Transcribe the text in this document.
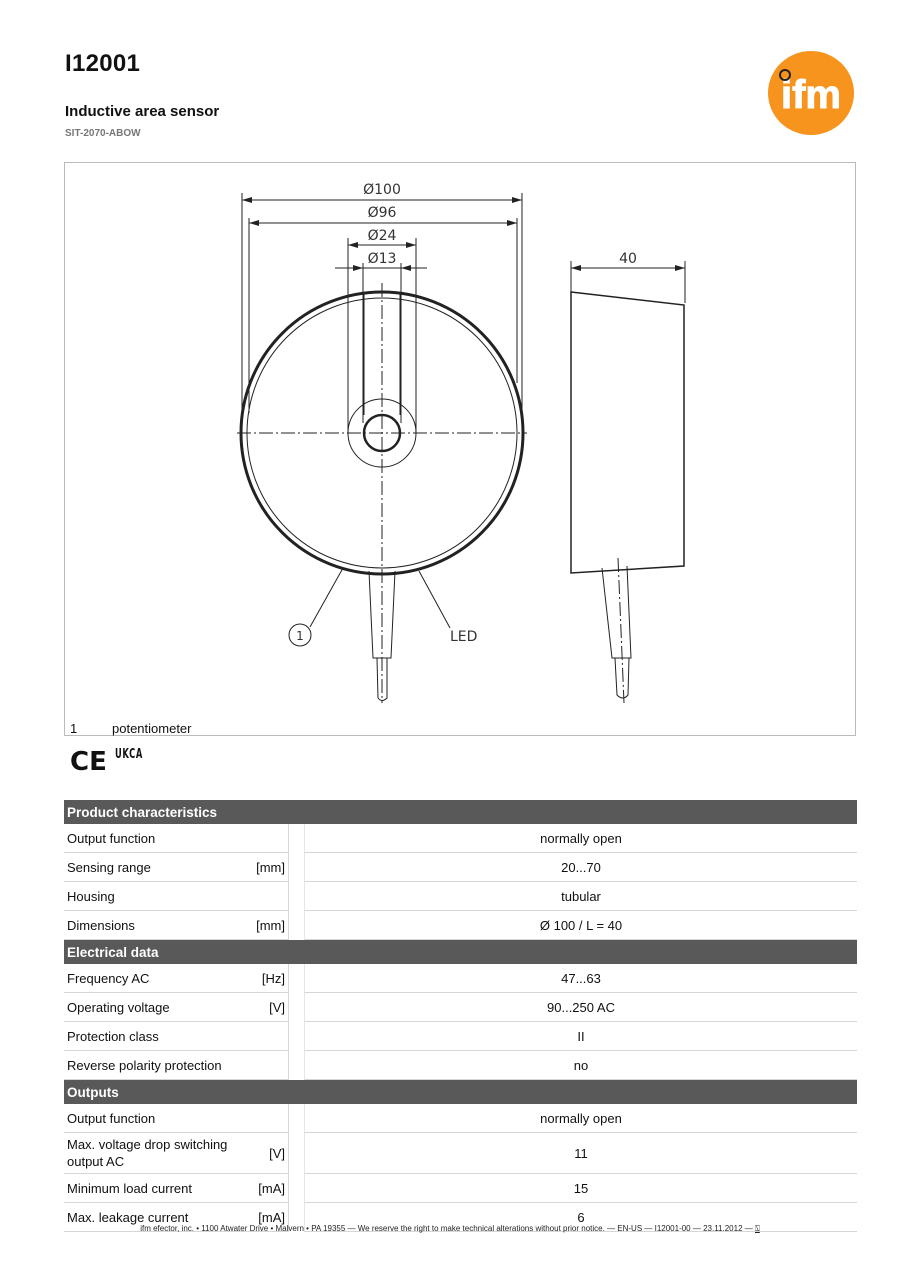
I12001
Inductive area sensor
SIT-2070-ABOW
ifm
Ø100
Ø96
Ø24
Ø13	40
1	LED
1	potentiometer
CE UKCA
Product characteristics			
Output function			normally open
Sensing range	[mm]		20...70
Housing			tubular
Dimensions	[mm]		Ø 100 / L = 40
Electrical data			
Frequency AC	[Hz]		47...63
Operating voltage	[V]		90...250 AC
Protection class			II
Reverse polarity protection			no
Outputs			
Output function			normally open
Max. voltage drop switching output AC	[V]		11
Minimum load current	[mA]		15
Max. leakage current	[mA]		6
ifm efector, inc. • 1100 Atwater Drive • Malvern • PA 19355 — We reserve the right to make technical alterations without prior notice. — EN-US — I12001-00 — 23.11.2012 — ⍂
